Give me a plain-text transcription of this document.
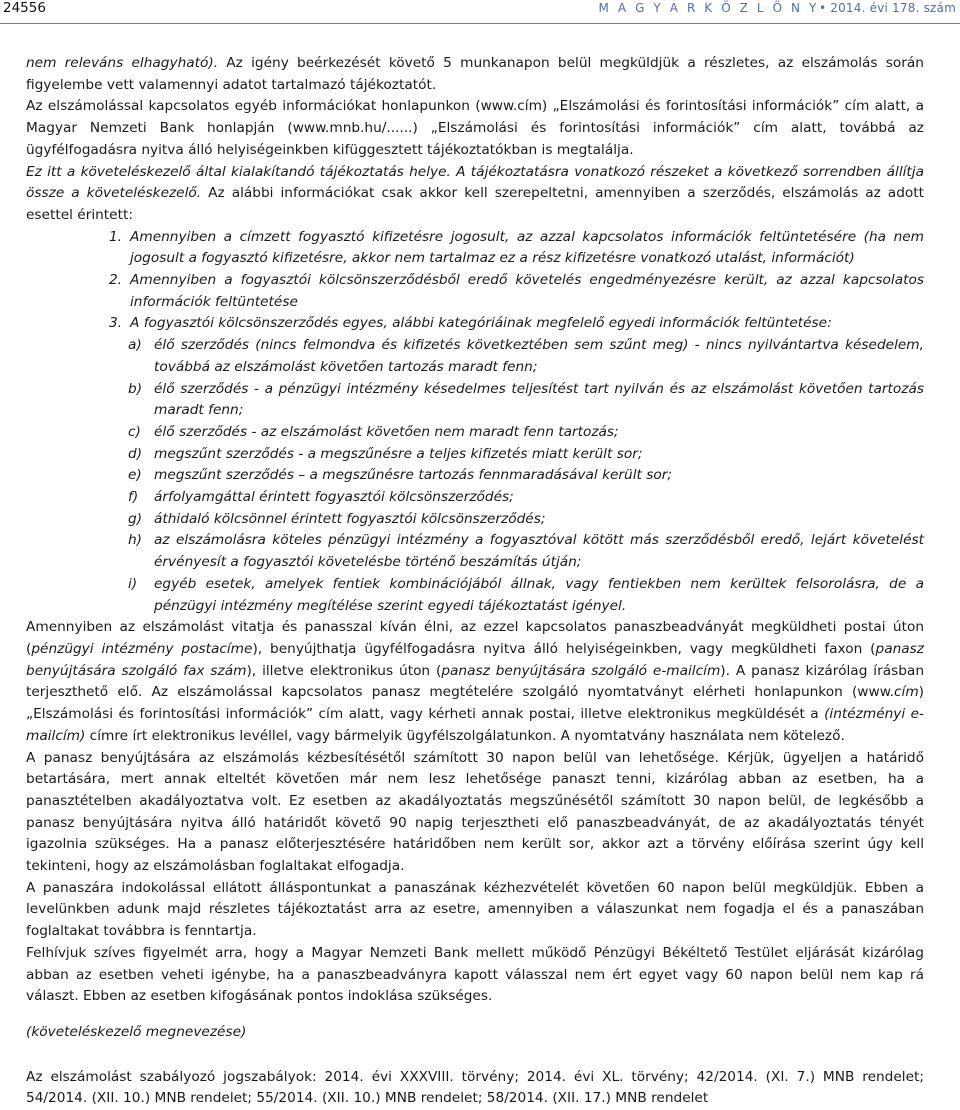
24556	M A G Y A R K Ö Z L Ö N Y• 2014. évi 178. szám

nem releváns elhagyható). Az igény beérkezését követő 5 munkanapon belül megküldjük a részletes, az elszámolás során figyelembe vett valamennyi adatot tartalmazó tájékoztatót.

Az elszámolással kapcsolatos egyéb információkat honlapunkon (www.cím) „Elszámolási és forintosítási információk” cím alatt, a Magyar Nemzeti Bank honlapján (www.mnb.hu/......) „Elszámolási és forintosítási információk” cím alatt, továbbá az ügyfélfogadásra nyitva álló helyiségeinkben kifüggesztett tájékoztatókban is megtalálja.

Ez itt a követeléskezelő által kialakítandó tájékoztatás helye. A tájékoztatásra vonatkozó részeket a következő sorrendben állítja össze a követeléskezelő. Az alábbi információkat csak akkor kell szerepeltetni, amennyiben a szerződés, elszámolás az adott esettel érintett:

1. Amennyiben a címzett fogyasztó kifizetésre jogosult, az azzal kapcsolatos információk feltüntetésére (ha nem jogosult a fogyasztó kifizetésre, akkor nem tartalmaz ez a rész kifizetésre vonatkozó utalást, információt)
2. Amennyiben a fogyasztói kölcsönszerződésből eredő követelés engedményezésre került, az azzal kapcsolatos információk feltüntetése
3. A fogyasztói kölcsönszerződés egyes, alábbi kategóriáinak megfelelő egyedi információk feltüntetése:
a) élő szerződés (nincs felmondva és kifizetés következtében sem szűnt meg) - nincs nyilvántartva késedelem, továbbá az elszámolást követően tartozás maradt fenn;
b) élő szerződés - a pénzügyi intézmény késedelmes teljesítést tart nyilván és az elszámolást követően tartozás maradt fenn;
c) élő szerződés - az elszámolást követően nem maradt fenn tartozás;
d) megszűnt szerződés - a megszűnésre a teljes kifizetés miatt került sor;
e) megszűnt szerződés – a megszűnésre tartozás fennmaradásával került sor;
f)	árfolyamgáttal érintett fogyasztói kölcsönszerződés;
g) áthidaló kölcsönnel érintett fogyasztói kölcsönszerződés;
h) az elszámolásra köteles pénzügyi intézmény a fogyasztóval kötött más szerződésből eredő, lejárt követelést érvényesít a fogyasztói követelésbe történő beszámítás útján;
i)	egyéb esetek, amelyek fentiek kombinációjából állnak, vagy fentiekben nem kerültek felsorolásra, de a pénzügyi intézmény megítélése szerint egyedi tájékoztatást igényel.

Amennyiben az elszámolást vitatja és panasszal kíván élni, az ezzel kapcsolatos panaszbeadványát megküldheti postai úton (pénzügyi intézmény postacíme), benyújthatja ügyfélfogadásra nyitva álló helyiségeinkben, vagy megküldheti faxon (panasz benyújtására szolgáló fax szám), illetve elektronikus úton (panasz benyújtására szolgáló e-mailcím). A panasz kizárólag írásban terjeszthető elő. Az elszámolással kapcsolatos panasz megtételére szolgáló nyomtatványt elérheti honlapunkon (www.cím) „Elszámolási és forintosítási információk” cím alatt, vagy kérheti annak postai, illetve elektronikus megküldését a (intézményi e-mailcím) címre írt elektronikus levéllel, vagy bármelyik ügyfélszolgálatunkon. A nyomtatvány használata nem kötelező.

A panasz benyújtására az elszámolás kézbesítésétől számított 30 napon belül van lehetősége. Kérjük, ügyeljen a határidő betartására, mert annak elteltét követően már nem lesz lehetősége panaszt tenni, kizárólag abban az esetben, ha a panasztételben akadályoztatva volt. Ez esetben az akadályoztatás megszűnésétől számított 30 napon belül, de legkésőbb a panasz benyújtására nyitva álló határidőt követő 90 napig terjesztheti elő panaszbeadványát, de az akadályoztatás tényét igazolnia szükséges. Ha a panasz előterjesztésére határidőben nem került sor, akkor azt a törvény előírása szerint úgy kell tekinteni, hogy az elszámolásban foglaltakat elfogadja.

A panaszára indokolással ellátott álláspontunkat a panaszának kézhezvételét követően 60 napon belül megküldjük. Ebben a levelünkben adunk majd részletes tájékoztatást arra az esetre, amennyiben a válaszunkat nem fogadja el és a panaszában foglaltakat továbbra is fenntartja.

Felhívjuk szíves figyelmét arra, hogy a Magyar Nemzeti Bank mellett működő Pénzügyi Békéltető Testület eljárását kizárólag abban az esetben veheti igénybe, ha a panaszbeadványra kapott válasszal nem ért egyet vagy 60 napon belül nem kap rá választ. Ebben az esetben kifogásának pontos indoklása szükséges.

(követeléskezelő megnevezése)

Az elszámolást szabályozó jogszabályok: 2014. évi XXXVIII. törvény; 2014. évi XL. törvény; 42/2014. (XI. 7.) MNB rendelet; 54/2014. (XII. 10.) MNB rendelet; 55/2014. (XII. 10.) MNB rendelet; 58/2014. (XII. 17.) MNB rendelet
